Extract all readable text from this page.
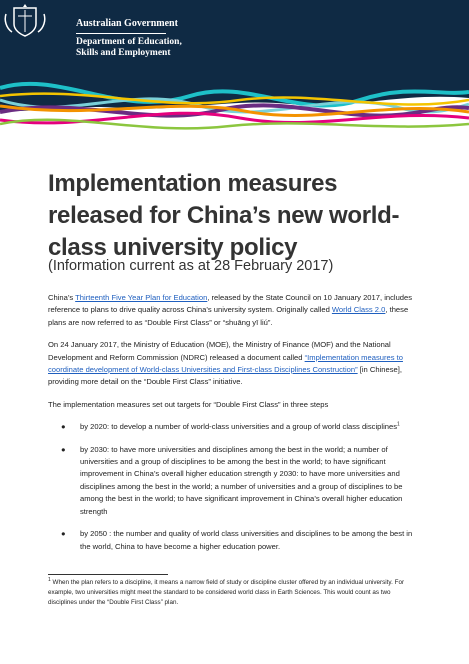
Australian Government
Department of Education,
Skills and Employment
Implementation measures released for China’s new world-class university policy
(Information current as at 28 February 2017)

China’s Thirteenth Five Year Plan for Education, released by the State Council on 10 January 2017, includes reference to plans to drive quality across China’s university system. Originally called World Class 2.0, these plans are now referred to as “Double First Class” or “shuāng yī liú”.

On 24 January 2017, the Ministry of Education (MOE), the Ministry of Finance (MOF) and the National Development and Reform Commission (NDRC) released a document called “Implementation measures to coordinate development of World-class Universities and First-class Disciplines Construction” [in Chinese], providing more detail on the “Double First Class” initiative.

The implementation measures set out targets for “Double First Class” in three steps

● by 2020: to develop a number of world-class universities and a group of world class disciplines$^1$
● by 2030: to have more universities and disciplines among the best in the world; a number of universities and a group of disciplines to be among the best in the world; to have significant improvement in China’s overall higher education strength y 2030: to have more universities and disciplines among the best in the world; a number of universities and a group of disciplines to be among the best in the world; to have significant improvement in China’s overall higher education strength
● by 2050 : the number and quality of world class universities and disciplines to be among the best in the world, China to have become a higher education power.
$^1$ When the plan refers to a discipline, it means a narrow field of study or discipline cluster offered by an individual university. For example, two universities might meet the standard to be considered world class in Earth Sciences. This would count as two disciplines under the “Double First Class” plan.
